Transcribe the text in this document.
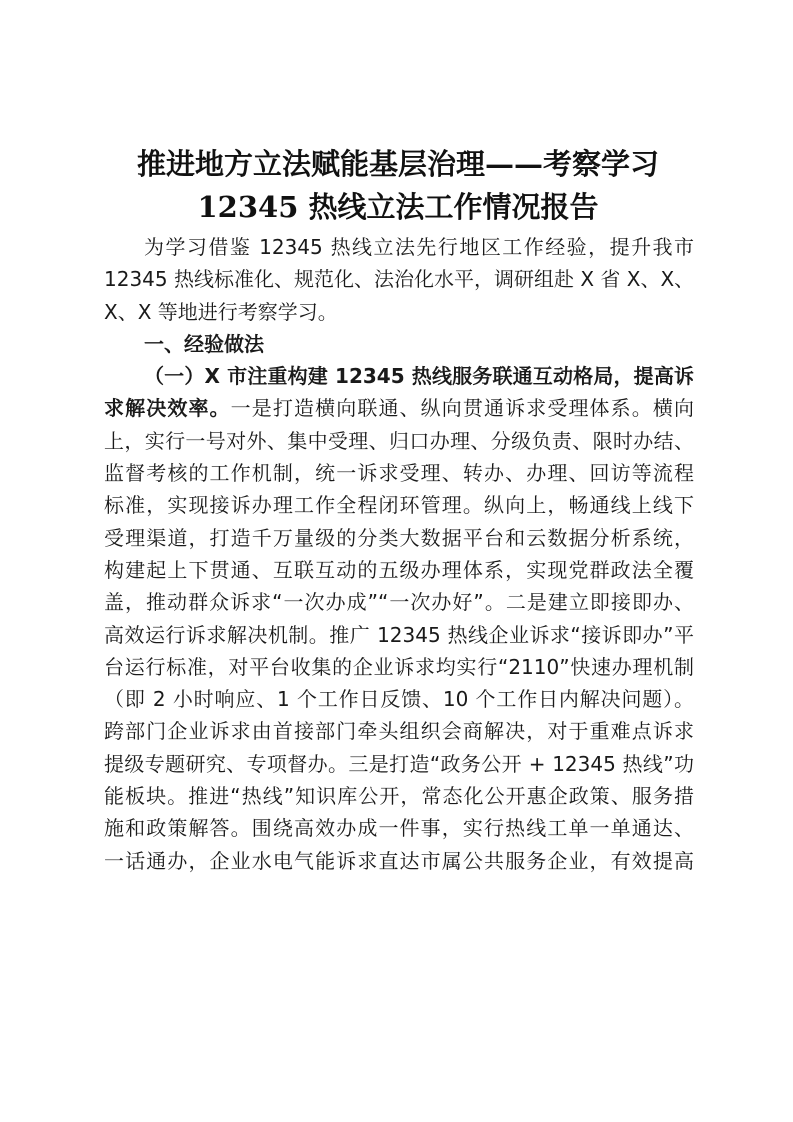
推进地方立法赋能基层治理——考察学习
12345 热线立法工作情况报告
为学习借鉴 12345 热线立法先行地区工作经验，提升我市
12345 热线标准化、规范化、法治化水平，调研组赴 X 省 X、X、
X、X 等地进行考察学习。
一、经验做法
（一）X 市注重构建 12345 热线服务联通互动格局，提高诉
求解决效率。一是打造横向联通、纵向贯通诉求受理体系。横向
上，实行一号对外、集中受理、归口办理、分级负责、限时办结、
监督考核的工作机制，统一诉求受理、转办、办理、回访等流程
标准，实现接诉办理工作全程闭环管理。纵向上，畅通线上线下
受理渠道，打造千万量级的分类大数据平台和云数据分析系统，
构建起上下贯通、互联互动的五级办理体系，实现党群政法全覆
盖，推动群众诉求“一次办成”“一次办好”。二是建立即接即办、
高效运行诉求解决机制。推广 12345 热线企业诉求“接诉即办”平
台运行标准，对平台收集的企业诉求均实行“2110”快速办理机制
（即 2 小时响应、1 个工作日反馈、10 个工作日内解决问题）。
跨部门企业诉求由首接部门牵头组织会商解决，对于重难点诉求
提级专题研究、专项督办。三是打造“政务公开 + 12345 热线”功
能板块。推进“热线”知识库公开，常态化公开惠企政策、服务措
施和政策解答。围绕高效办成一件事，实行热线工单一单通达、
一话通办，企业水电气能诉求直达市属公共服务企业，有效提高
